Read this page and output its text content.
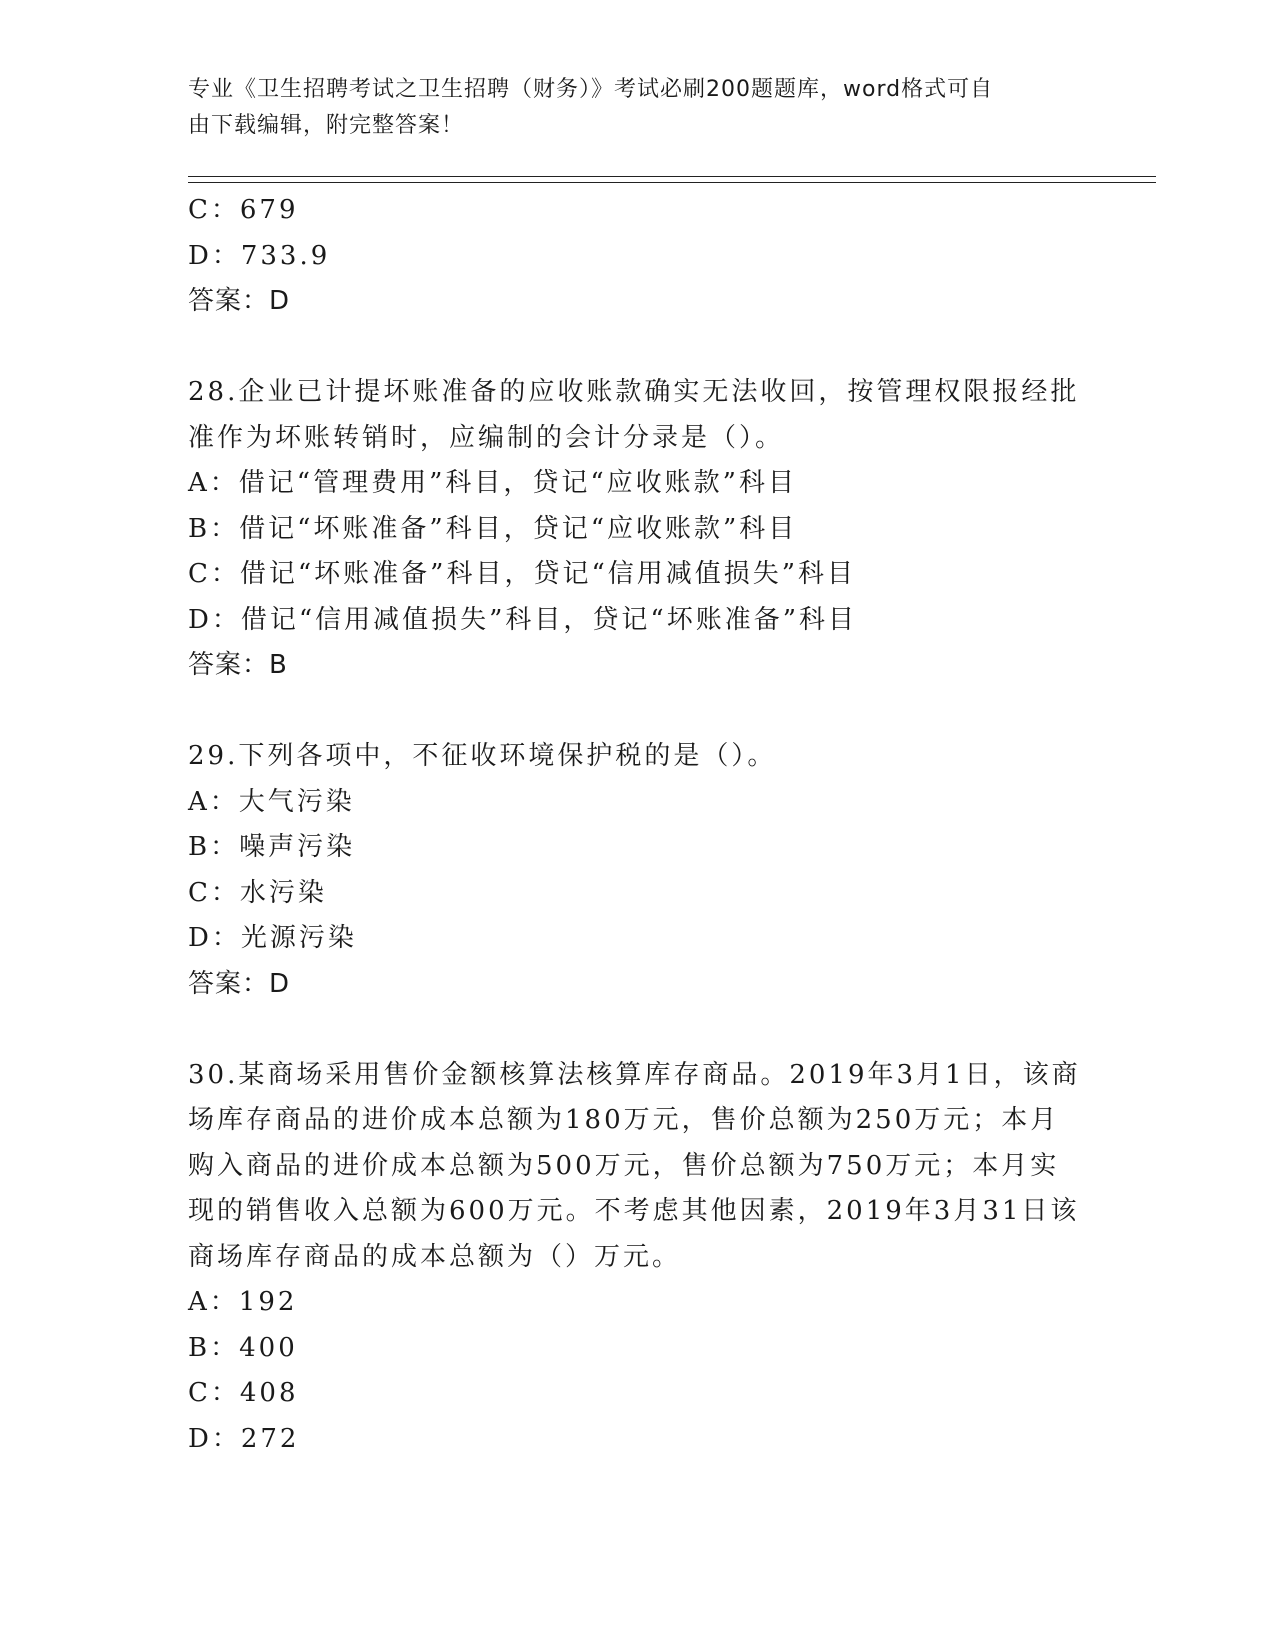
专业《卫生招聘考试之卫生招聘（财务）》考试必刷200题题库，word格式可自
由下载编辑，附完整答案！
C：679
D：733.9
答案：D
28.企业已计提坏账准备的应收账款确实无法收回，按管理权限报经批
准作为坏账转销时，应编制的会计分录是（）。
A：借记“管理费用”科目，贷记“应收账款”科目
B：借记“坏账准备”科目，贷记“应收账款”科目
C：借记“坏账准备”科目，贷记“信用减值损失”科目
D：借记“信用减值损失”科目，贷记“坏账准备”科目
答案：B
29.下列各项中，不征收环境保护税的是（）。
A：大气污染
B：噪声污染
C：水污染
D：光源污染
答案：D
30.某商场采用售价金额核算法核算库存商品。2019年3月1日，该商
场库存商品的进价成本总额为180万元，售价总额为250万元；本月
购入商品的进价成本总额为500万元，售价总额为750万元；本月实
现的销售收入总额为600万元。不考虑其他因素，2019年3月31日该
商场库存商品的成本总额为（）万元。
A：192
B：400
C：408
D：272
